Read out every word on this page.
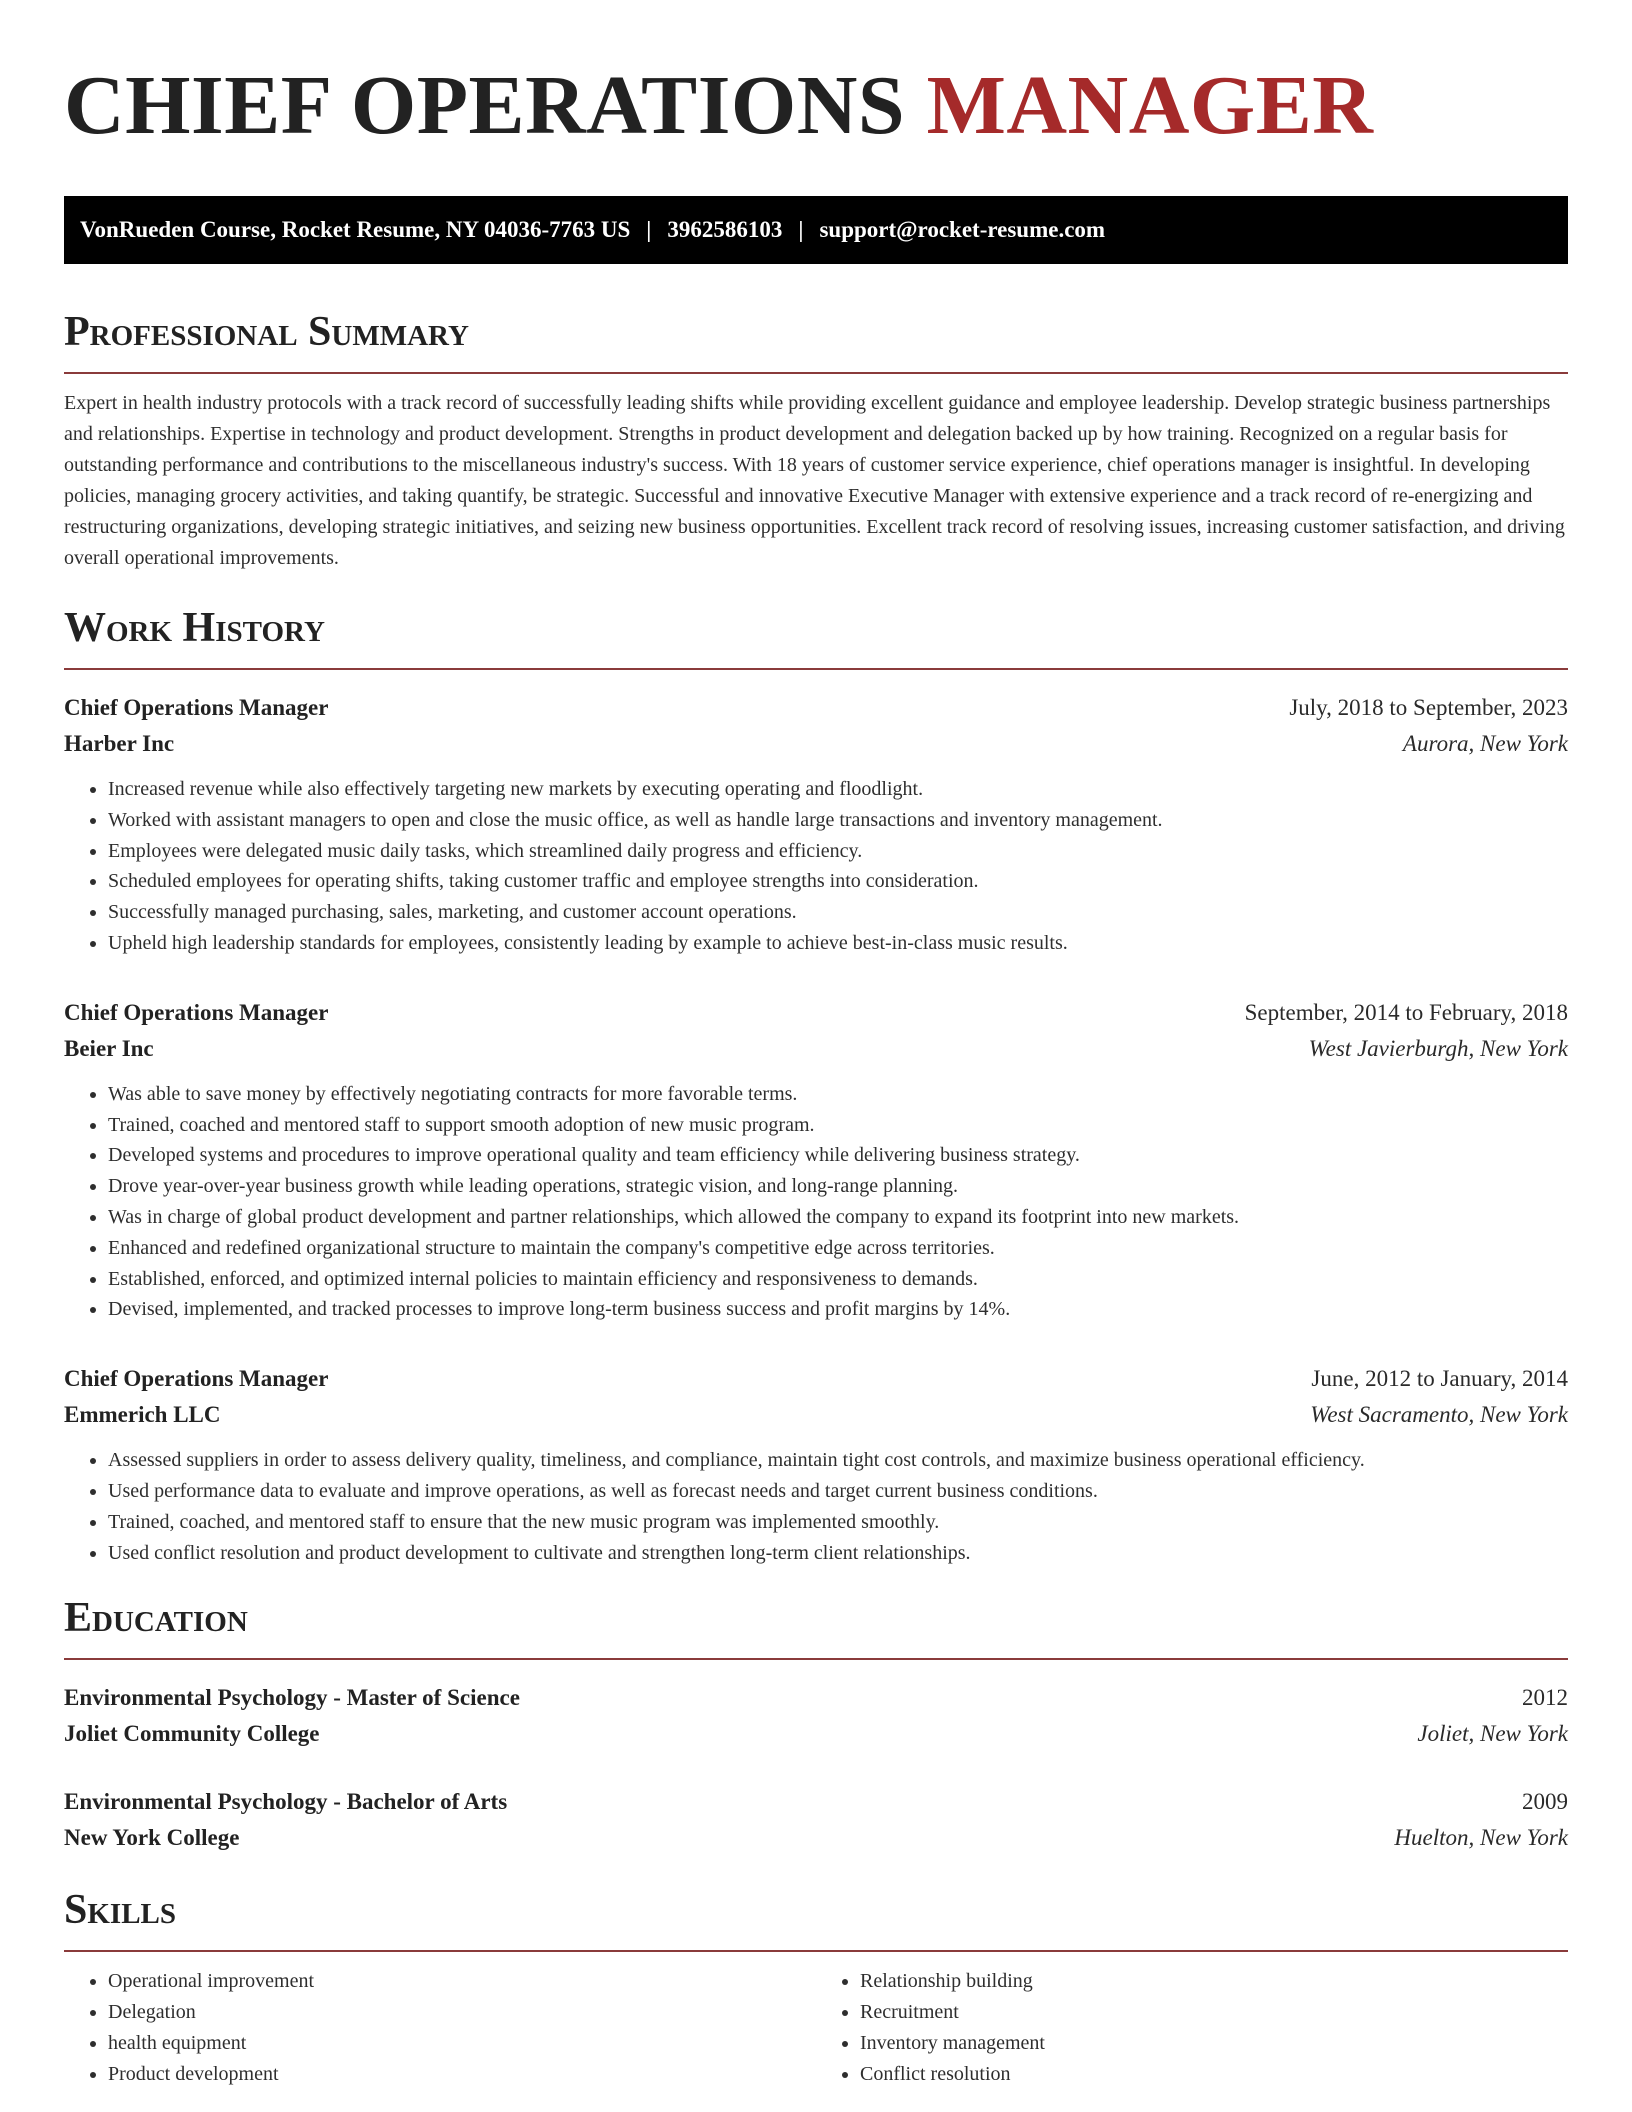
CHIEF OPERATIONS MANAGER
VonRueden Course, Rocket Resume, NY 04036-7763 US | 3962586103 | support@rocket-resume.com
Professional Summary

Expert in health industry protocols with a track record of successfully leading shifts while providing excellent guidance and employee leadership. Develop strategic business partnerships and relationships. Expertise in technology and product development. Strengths in product development and delegation backed up by how training. Recognized on a regular basis for outstanding performance and contributions to the miscellaneous industry's success. With 18 years of customer service experience, chief operations manager is insightful. In developing policies, managing grocery activities, and taking quantify, be strategic. Successful and innovative Executive Manager with extensive experience and a track record of re-energizing and restructuring organizations, developing strategic initiatives, and seizing new business opportunities. Excellent track record of resolving issues, increasing customer satisfaction, and driving overall operational improvements.

Work History
Chief Operations Manager	July, 2018 to September, 2023
Harber Inc	Aurora, New York
• Increased revenue while also effectively targeting new markets by executing operating and floodlight.
• Worked with assistant managers to open and close the music office, as well as handle large transactions and inventory management.
• Employees were delegated music daily tasks, which streamlined daily progress and efficiency.
• Scheduled employees for operating shifts, taking customer traffic and employee strengths into consideration.
• Successfully managed purchasing, sales, marketing, and customer account operations.
• Upheld high leadership standards for employees, consistently leading by example to achieve best-in-class music results.
Chief Operations Manager	September, 2014 to February, 2018
Beier Inc	West Javierburgh, New York
• Was able to save money by effectively negotiating contracts for more favorable terms.
• Trained, coached and mentored staff to support smooth adoption of new music program.
• Developed systems and procedures to improve operational quality and team efficiency while delivering business strategy.
• Drove year-over-year business growth while leading operations, strategic vision, and long-range planning.
• Was in charge of global product development and partner relationships, which allowed the company to expand its footprint into new markets.
• Enhanced and redefined organizational structure to maintain the company's competitive edge across territories.
• Established, enforced, and optimized internal policies to maintain efficiency and responsiveness to demands.
• Devised, implemented, and tracked processes to improve long-term business success and profit margins by 14%.
Chief Operations Manager	June, 2012 to January, 2014
Emmerich LLC	West Sacramento, New York
• Assessed suppliers in order to assess delivery quality, timeliness, and compliance, maintain tight cost controls, and maximize business operational efficiency.
• Used performance data to evaluate and improve operations, as well as forecast needs and target current business conditions.
• Trained, coached, and mentored staff to ensure that the new music program was implemented smoothly.
• Used conflict resolution and product development to cultivate and strengthen long-term client relationships.
Education
Environmental Psychology - Master of Science	2012
Joliet Community College	Joliet, New York
Environmental Psychology - Bachelor of Arts	2009
New York College	Huelton, New York
Skills
• Operational improvement
• Delegation
• health equipment
• Product development
• Relationship building
• Recruitment
• Inventory management
• Conflict resolution
